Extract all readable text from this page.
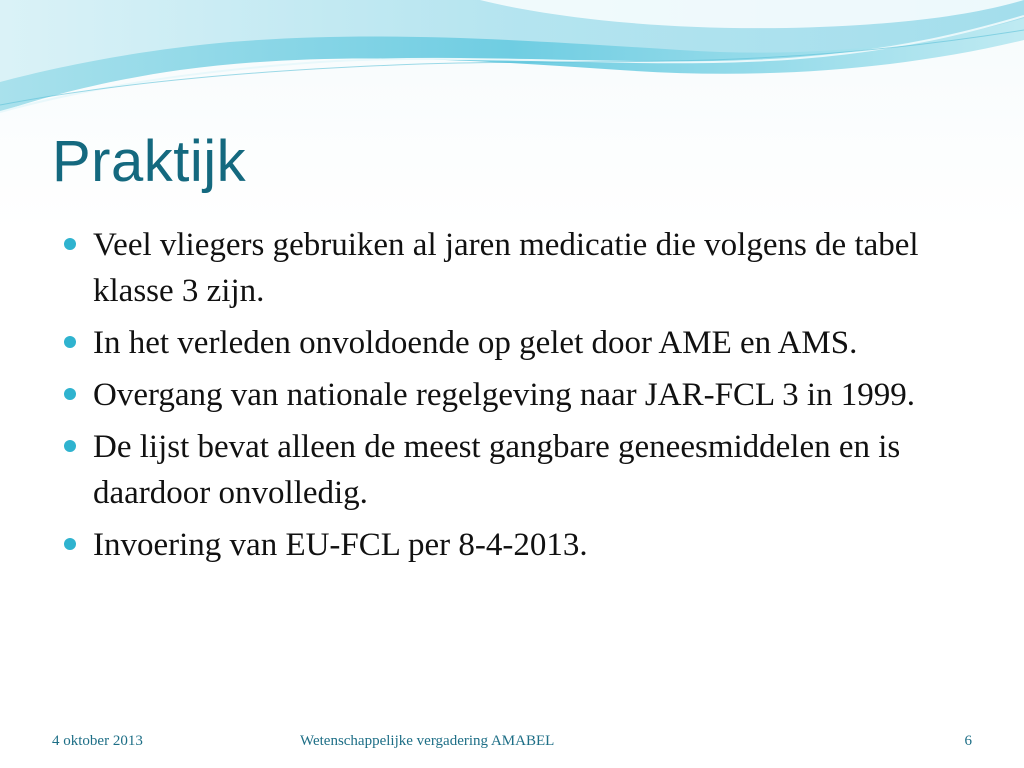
Praktijk
Veel vliegers gebruiken al jaren medicatie die volgens de tabel klasse 3 zijn.
In het verleden onvoldoende op gelet door AME en AMS.
Overgang van nationale regelgeving naar JAR-FCL 3 in 1999.
De lijst bevat alleen de meest gangbare geneesmiddelen en is daardoor onvolledig.
Invoering van EU-FCL per 8-4-2013.
4 oktober 2013	Wetenschappelijke vergadering AMABEL	6
